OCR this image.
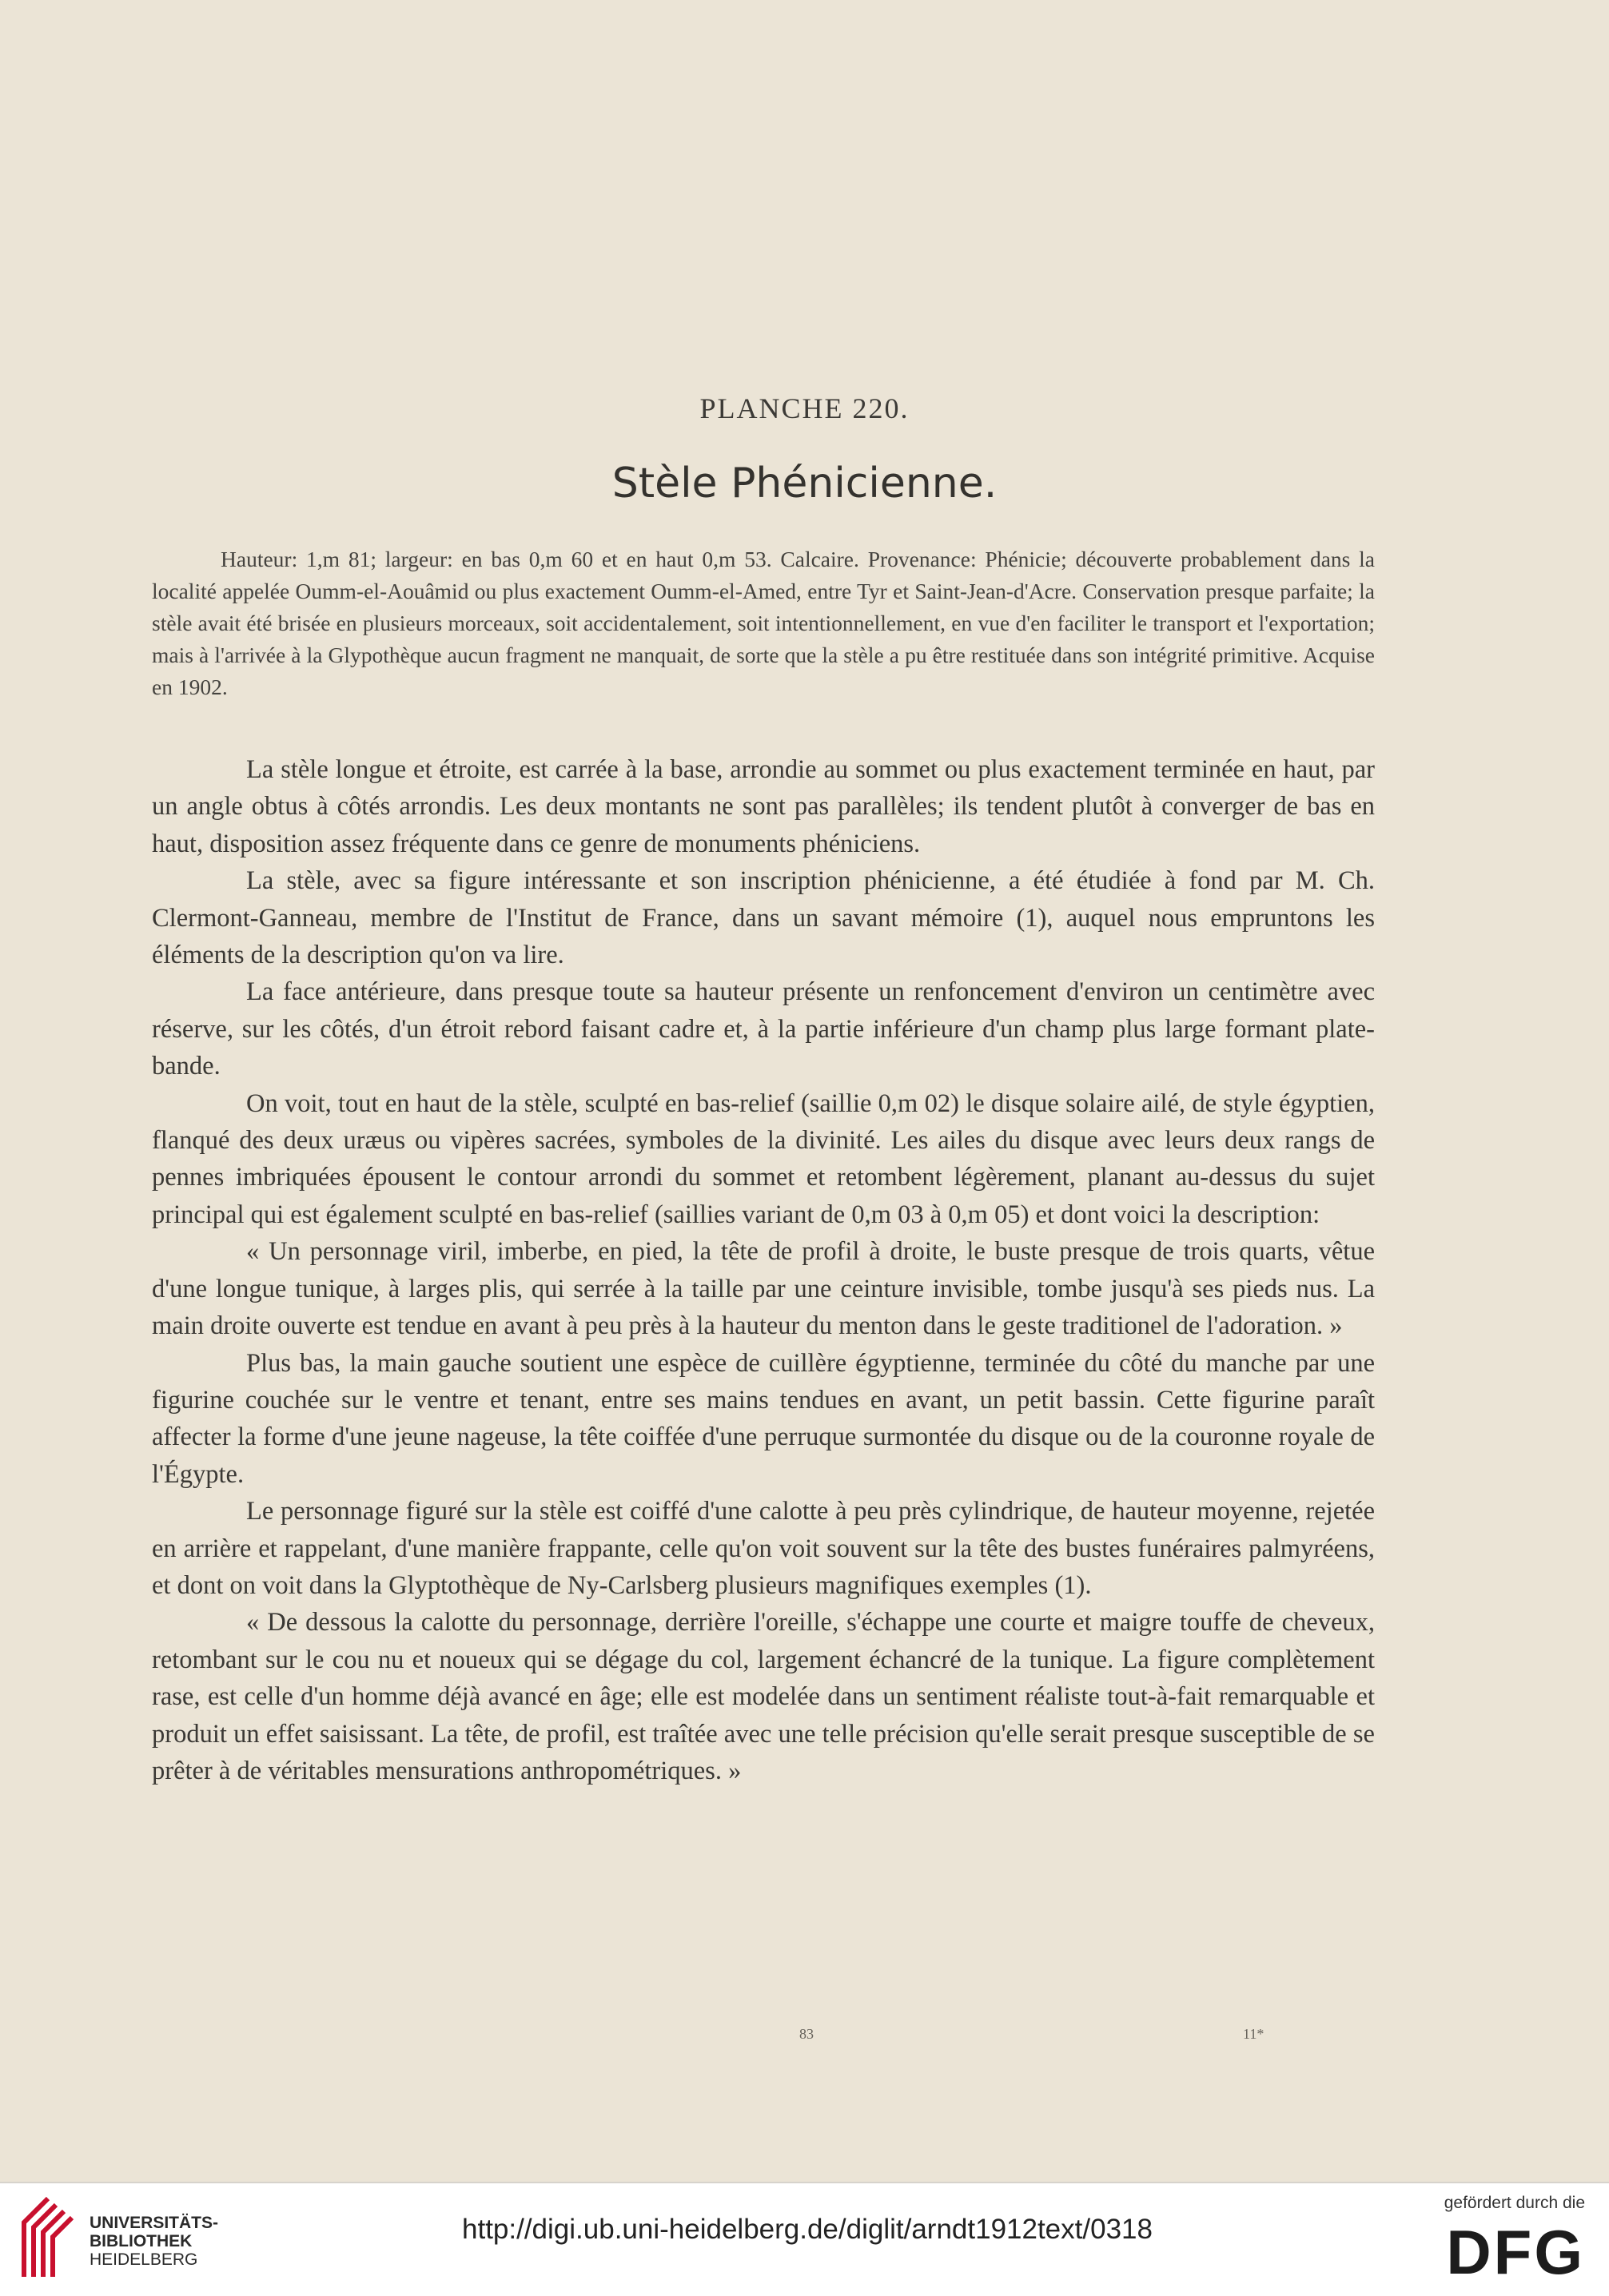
PLANCHE 220.
Stèle Phénicienne.
Hauteur: 1,m 81; largeur: en bas 0,m 60 et en haut 0,m 53. Calcaire. Provenance: Phénicie; découverte probablement dans la localité appelée Oumm-el-Aouâmid ou plus exactement Oumm-el-Amed, entre Tyr et Saint-Jean-d'Acre. Conservation presque parfaite; la stèle avait été brisée en plusieurs morceaux, soit accidentalement, soit intentionnellement, en vue d'en faciliter le transport et l'exportation; mais à l'arrivée à la Glypothèque aucun fragment ne manquait, de sorte que la stèle a pu être restituée dans son intégrité primitive. Acquise en 1902.

La stèle longue et étroite, est carrée à la base, arrondie au sommet ou plus exactement terminée en haut, par un angle obtus à côtés arrondis. Les deux montants ne sont pas parallèles; ils tendent plutôt à converger de bas en haut, disposition assez fréquente dans ce genre de monuments phéniciens.

La stèle, avec sa figure intéressante et son inscription phénicienne, a été étudiée à fond par M. Ch. Clermont-Ganneau, membre de l'Institut de France, dans un savant mémoire (1), auquel nous empruntons les éléments de la description qu'on va lire.

La face antérieure, dans presque toute sa hauteur présente un renfoncement d'environ un centimètre avec réserve, sur les côtés, d'un étroit rebord faisant cadre et, à la partie inférieure d'un champ plus large formant plate-bande.

On voit, tout en haut de la stèle, sculpté en bas-relief (saillie 0,m 02) le disque solaire ailé, de style égyptien, flanqué des deux uræus ou vipères sacrées, symboles de la divinité. Les ailes du disque avec leurs deux rangs de pennes imbriquées épousent le contour arrondi du sommet et retombent légèrement, planant au-dessus du sujet principal qui est également sculpté en bas-relief (saillies variant de 0,m 03 à 0,m 05) et dont voici la description:

« Un personnage viril, imberbe, en pied, la tête de profil à droite, le buste presque de trois quarts, vêtue d'une longue tunique, à larges plis, qui serrée à la taille par une ceinture invisible, tombe jusqu'à ses pieds nus. La main droite ouverte est tendue en avant à peu près à la hauteur du menton dans le geste traditionel de l'adoration. »

Plus bas, la main gauche soutient une espèce de cuillère égyptienne, terminée du côté du manche par une figurine couchée sur le ventre et tenant, entre ses mains tendues en avant, un petit bassin. Cette figurine paraît affecter la forme d'une jeune nageuse, la tête coiffée d'une perruque surmontée du disque ou de la couronne royale de l'Égypte.

Le personnage figuré sur la stèle est coiffé d'une calotte à peu près cylindrique, de hauteur moyenne, rejetée en arrière et rappelant, d'une manière frappante, celle qu'on voit souvent sur la tête des bustes funéraires palmyréens, et dont on voit dans la Glyptothèque de Ny-Carlsberg plusieurs magnifiques exemples (1).

« De dessous la calotte du personnage, derrière l'oreille, s'échappe une courte et maigre touffe de cheveux, retombant sur le cou nu et noueux qui se dégage du col, largement échancré de la tunique. La figure complètement rase, est celle d'un homme déjà avancé en âge; elle est modelée dans un sentiment réaliste tout-à-fait remarquable et produit un effet saisissant. La tête, de profil, est traîtée avec une telle précision qu'elle serait presque susceptible de se prêter à de véritables mensurations anthropométriques. »

83	11*
UNIVERSITÄTS-
BIBLIOTHEK
HEIDELBERG
http://digi.ub.uni-heidelberg.de/diglit/arndt1912text/0318
gefördert durch die
DFG
